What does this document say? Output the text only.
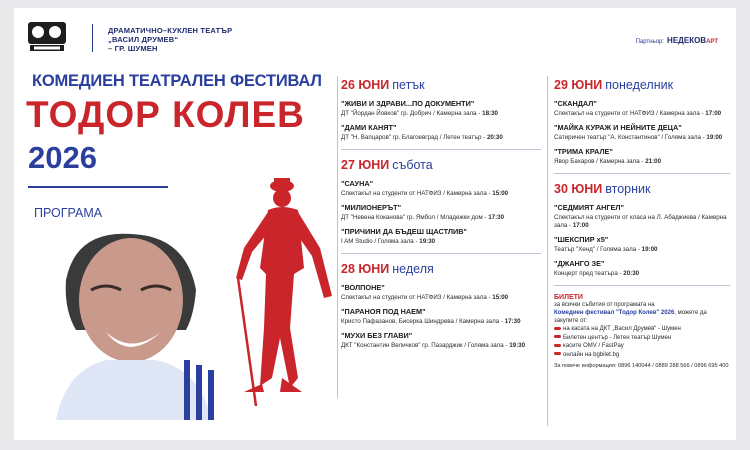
ДРАМАТИЧНО–КУКЛЕН ТЕАТЪР
„ВАСИЛ ДРУМЕВ“
– ГР. ШУМЕН
Партньор: НЕДЕКОВАРТ
КОМЕДИЕН ТЕАТРАЛЕН ФЕСТИВАЛ
ТОДОР КОЛЕВ
2026
ПРОГРАМА
26 ЮНИ петък
"ЖИВИ И ЗДРАВИ...ПО ДОКУМЕНТИ"
ДТ "Йордан Йовков" гр. Добрич / Камерна зала - 18:30
"ДАМИ КАНЯТ"
ДТ "Н. Вапцаров" гр. Благоевград / Летен театър - 20:30
27 ЮНИ събота
"САУНА"
Спектакъл на студенти от НАТФИЗ / Камерна зала - 15:00
"МИЛИОНЕРЪТ"
ДТ "Невена Коканова" гр. Ямбол / Младежки дом - 17:30
"ПРИЧИНИ ДА БЪДЕШ ЩАСТЛИВ"
I AM Studio / Голяма зала - 19:30
28 ЮНИ неделя
"ВОЛПОНЕ"
Спектакъл на студенти от НАТФИЗ / Камерна зала - 15:00
"ПАРАНОЯ ПОД НАЕМ"
Кристо Пафазанов, Бисерка Шиндрева / Камерна зала - 17:30
"МУХИ БЕЗ ГЛАВИ"
ДКТ "Константин Величков" гр. Пазарджик / Голяма зала - 19:30
29 ЮНИ понеделник
"СКАНДАЛ"
Спектакъл на студенти от НАТФИЗ / Камерна зала - 17:00
"МАЙКА КУРАЖ И НЕЙНИТЕ ДЕЦА"
Сатиричен театър "А. Константинов" / Голяма зала - 19:00
"ТРИМА КРАЛЕ"
Явор Бахаров / Камерна зала - 21:00
30 ЮНИ вторник
"СЕДМИЯТ АНГЕЛ"
Спектакъл на студенти от класа на Л. Абаджиева / Камерна зала - 17:00
"ШЕКСПИР x5"
Театър "Хенд" / Голяма зала - 19:00
"ДЖАНГО ЗЕ"
Концерт пред театъра - 20:30
БИЛЕТИ
за всички събития от програмата на
Комедиен фестивал "Тодор Колев" 2026, можете да
закупите от:
на касата на ДКТ „Васил Друмев“ - Шумен
Билетен център - Летен театър Шумен
касите OMV / FastPay
онлайн на bgbilet.bg
За повече информация: 0896 140044 / 0889 288 566 / 0896 695 400
